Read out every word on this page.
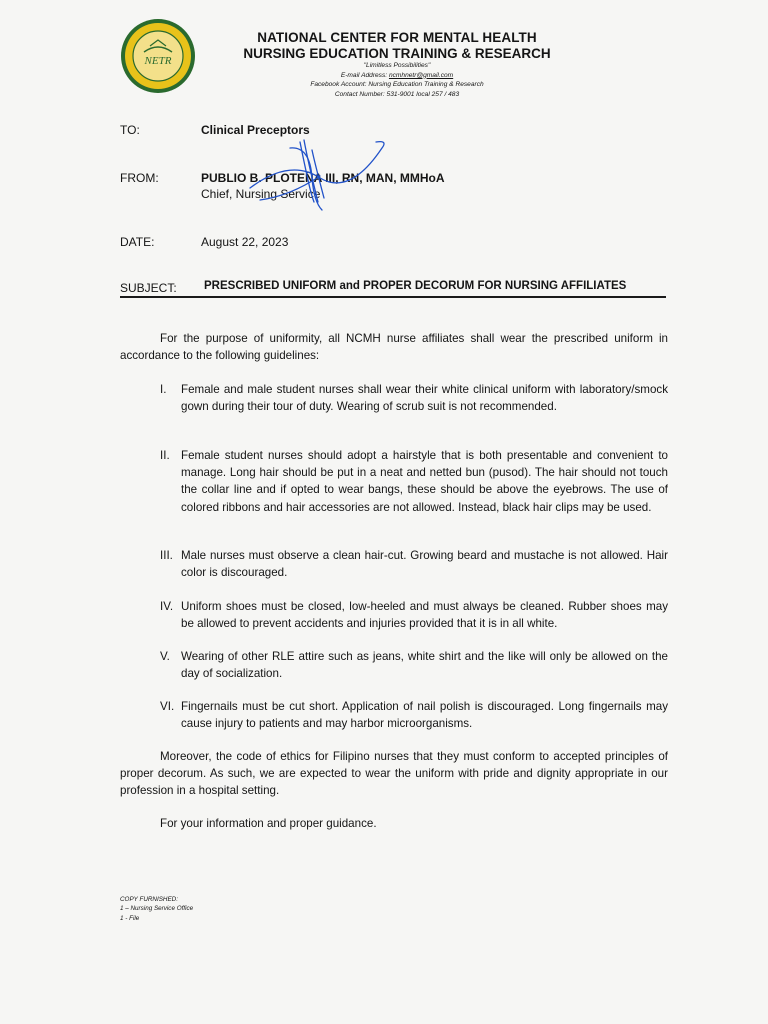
NETR
NATIONAL CENTER FOR MENTAL HEALTH
NURSING EDUCATION TRAINING & RESEARCH
"Limitless Possibilities"
E-mail Address: ncmhnetr@gmail.com
Facebook Account: Nursing Education Training & Research
Contact Number: 531-9001 local 257 / 483
TO:	Clinical Preceptors
FROM:	PUBLIO B. PLOTEÑA III, RN, MAN, MMHoA
Chief, Nursing Service
DATE:	August 22, 2023
SUBJECT: PRESCRIBED UNIFORM and PROPER DECORUM FOR NURSING AFFILIATES
For the purpose of uniformity, all NCMH nurse affiliates shall wear the prescribed uniform in accordance to the following guidelines:
I.	Female and male student nurses shall wear their white clinical uniform with laboratory/smock gown during their tour of duty. Wearing of scrub suit is not recommended.
II. Female student nurses should adopt a hairstyle that is both presentable and convenient to manage. Long hair should be put in a neat and netted bun (pusod). The hair should not touch the collar line and if opted to wear bangs, these should be above the eyebrows. The use of colored ribbons and hair accessories are not allowed. Instead, black hair clips may be used.
III. Male nurses must observe a clean hair-cut. Growing beard and mustache is not allowed. Hair color is discouraged.
IV. Uniform shoes must be closed, low-heeled and must always be cleaned. Rubber shoes may be allowed to prevent accidents and injuries provided that it is in all white.
V. Wearing of other RLE attire such as jeans, white shirt and the like will only be allowed on the day of socialization.
VI. Fingernails must be cut short. Application of nail polish is discouraged. Long fingernails may cause injury to patients and may harbor microorganisms.
Moreover, the code of ethics for Filipino nurses that they must conform to accepted principles of proper decorum. As such, we are expected to wear the uniform with pride and dignity appropriate in our profession in a hospital setting.
For your information and proper guidance.
COPY FURNISHED:
1 – Nursing Service Office
1 - File
